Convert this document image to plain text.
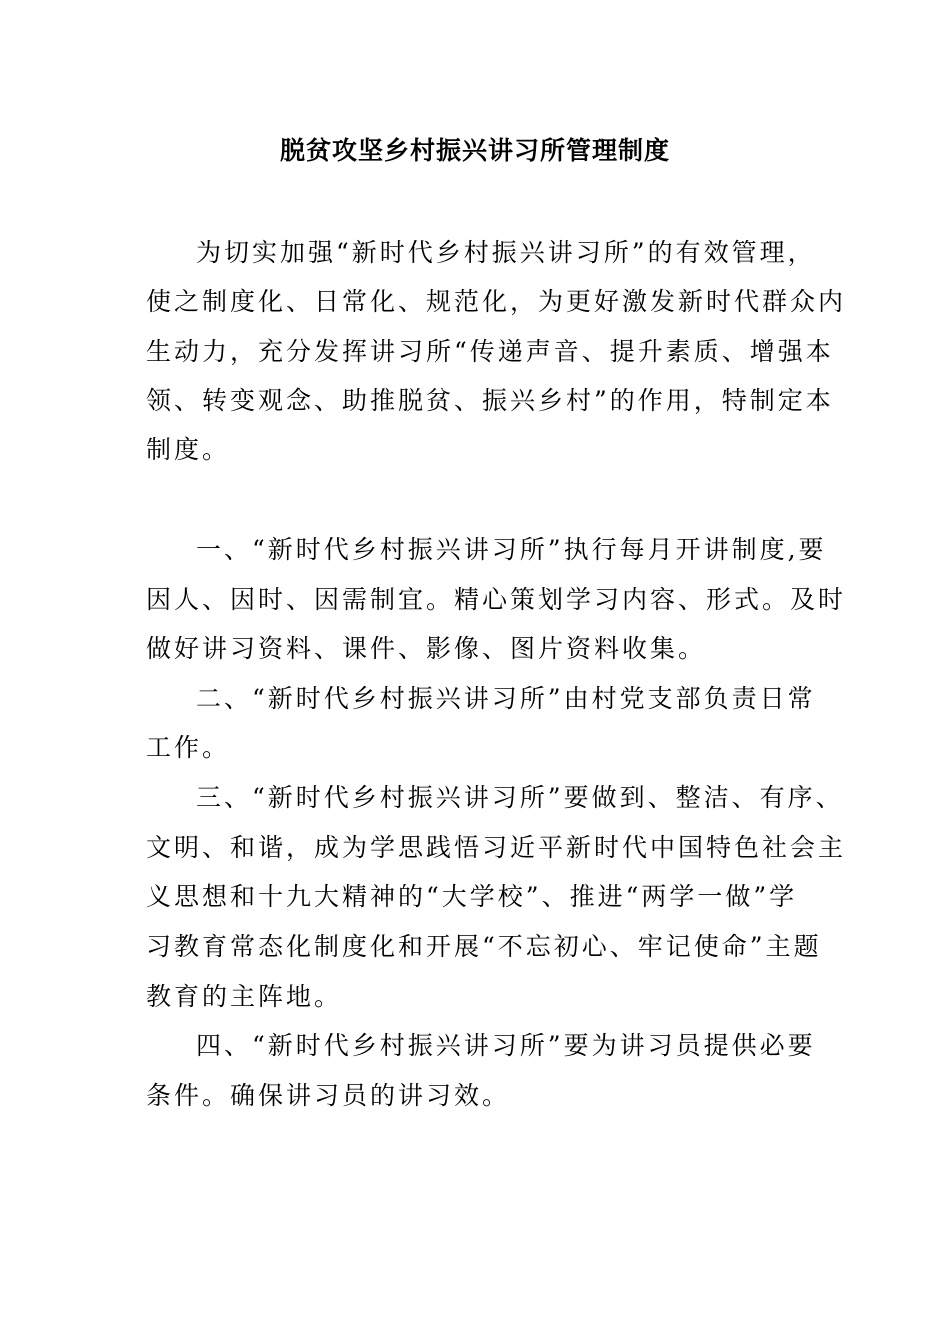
脱贫攻坚乡村振兴讲习所管理制度
为切实加强“新时代乡村振兴讲习所”的有效管理，
使之制度化、日常化、规范化，为更好激发新时代群众内
生动力，充分发挥讲习所“传递声音、提升素质、增强本
领、转变观念、助推脱贫、振兴乡村”的作用，特制定本
制度。
一、“新时代乡村振兴讲习所”执行每月开讲制度,要
因人、因时、因需制宜。精心策划学习内容、形式。及时
做好讲习资料、课件、影像、图片资料收集。
二、“新时代乡村振兴讲习所”由村党支部负责日常
工作。
三、“新时代乡村振兴讲习所”要做到、整洁、有序、
文明、和谐，成为学思践悟习近平新时代中国特色社会主
义思想和十九大精神的“大学校”、推进“两学一做”学
习教育常态化制度化和开展“不忘初心、牢记使命”主题
教育的主阵地。
四、“新时代乡村振兴讲习所”要为讲习员提供必要
条件。确保讲习员的讲习效。
